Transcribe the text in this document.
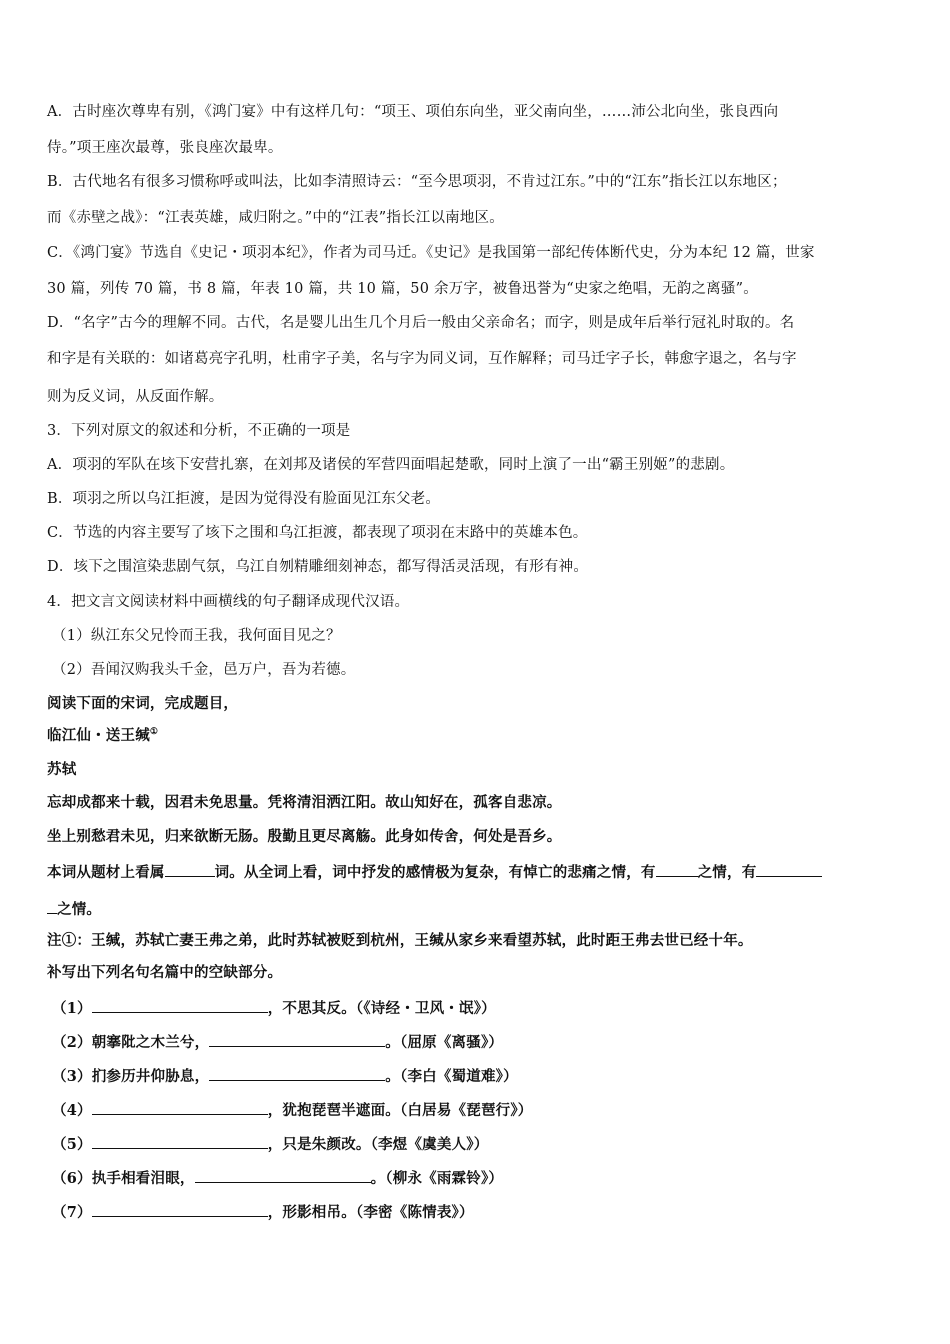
A．古时座次尊卑有别，《鸿门宴》中有这样几句：“项王、项伯东向坐，亚父南向坐，……沛公北向坐，张良西向
侍。”项王座次最尊，张良座次最卑。
B．古代地名有很多习惯称呼或叫法，比如李清照诗云：“至今思项羽，不肯过江东。”中的“江东”指长江以东地区；
而《赤壁之战》：“江表英雄，咸归附之。”中的“江表”指长江以南地区。
C．《鸿门宴》节选自《史记・项羽本纪》，作者为司马迁。《史记》是我国第一部纪传体断代史，分为本纪 12 篇，世家
30 篇，列传 70 篇，书 8 篇，年表 10 篇，共 10 篇，50 余万字，被鲁迅誉为“史家之绝唱，无韵之离骚”。
D．“名字”古今的理解不同。古代，名是婴儿出生几个月后一般由父亲命名；而字，则是成年后举行冠礼时取的。名
和字是有关联的：如诸葛亮字孔明，杜甫字子美，名与字为同义词，互作解释；司马迁字子长，韩愈字退之，名与字
则为反义词，从反面作解。
3．下列对原文的叙述和分析，不正确的一项是
A．项羽的军队在垓下安营扎寨，在刘邦及诸侯的军营四面唱起楚歌，同时上演了一出“霸王别姬”的悲剧。
B．项羽之所以乌江拒渡，是因为觉得没有脸面见江东父老。
C．节选的内容主要写了垓下之围和乌江拒渡，都表现了项羽在末路中的英雄本色。
D．垓下之围渲染悲剧气氛，乌江自刎精雕细刻神态，都写得活灵活现，有形有神。
4．把文言文阅读材料中画横线的句子翻译成现代汉语。
（1）纵江东父兄怜而王我，我何面目见之？
（2）吾闻汉购我头千金，邑万户，吾为若德。
阅读下面的宋词，完成题目，
临江仙・送王缄①
苏轼
忘却成都来十载，因君未免思量。凭将清泪洒江阳。故山知好在，孤客自悲凉。
坐上别愁君未见，归来欲断无肠。殷勤且更尽离觞。此身如传舍，何处是吾乡。
本词从题材上看属	词。从全词上看，词中抒发的感情极为复杂，有悼亡的悲痛之情，有	之情，有
之情。
注①：王缄，苏轼亡妻王弗之弟，此时苏轼被贬到杭州，王缄从家乡来看望苏轼，此时距王弗去世已经十年。
补写出下列名句名篇中的空缺部分。
（1）	，不思其反。（《诗经・卫风・氓》）
（2）朝搴阰之木兰兮，	。（屈原《离骚》）
（3）扪参历井仰胁息，	。（李白《蜀道难》）
（4）	，犹抱琵琶半遮面。（白居易《琵琶行》）
（5）	，只是朱颜改。（李煜《虞美人》）
（6）执手相看泪眼，	。（柳永《雨霖铃》）
（7）	，形影相吊。（李密《陈情表》）
